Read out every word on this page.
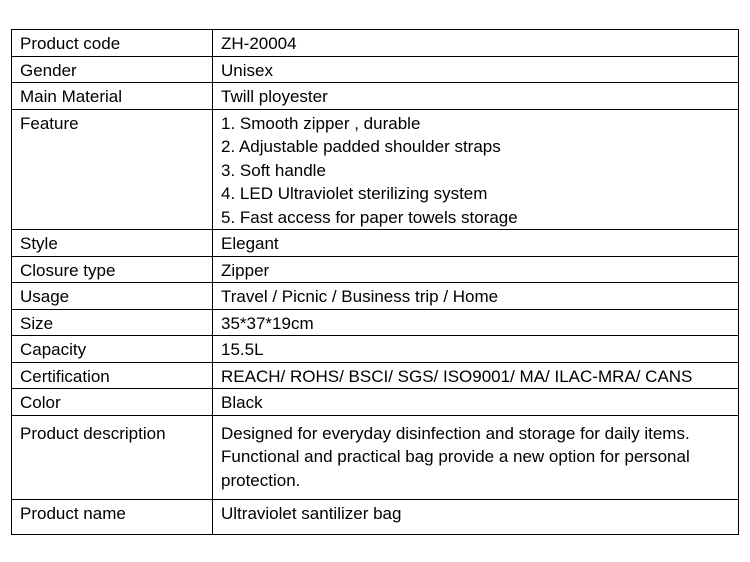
Product code	ZH-20004
Gender	Unisex
Main Material	Twill ployester
Feature	1. Smooth zipper , durable
2. Adjustable padded shoulder straps
3. Soft handle
4. LED Ultraviolet sterilizing system
5. Fast access for paper towels storage

Style	Elegant
Closure type	Zipper
Usage	Travel / Picnic / Business trip / Home
Size	35*37*19cm
Capacity	15.5L
Certification	REACH/ ROHS/ BSCI/ SGS/ ISO9001/ MA/ ILAC-MRA/ CANS
Color	Black
Product description	Designed for everyday disinfection and storage for daily items.
Functional and practical bag provide a new option for personal
protection.

Product name	Ultraviolet santilizer bag
